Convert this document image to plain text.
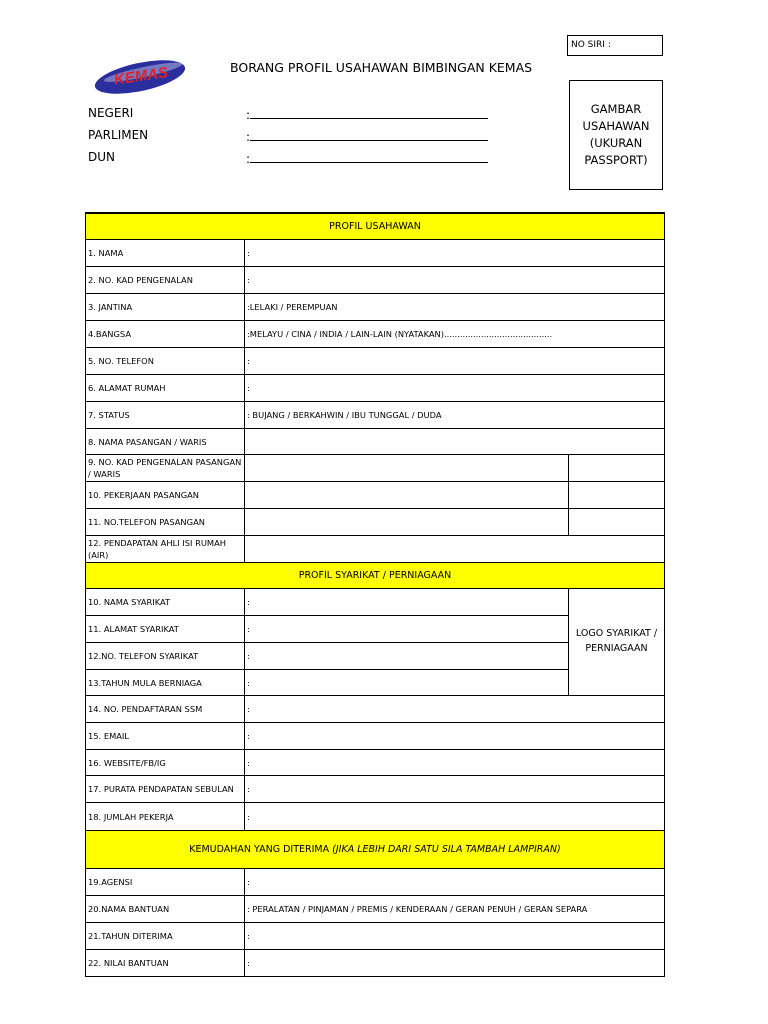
KEMAS	BORANG PROFIL USAHAWAN BIMBINGAN KEMAS
NO SIRI :
GAMBAR
USAHAWAN
(UKURAN
PASSPORT)
NEGERI	:
PARLIMEN	:
DUN	:
PROFIL USAHAWAN
1. NAMA	:
2. NO. KAD PENGENALAN	:
3. JANTINA	:LELAKI / PEREMPUAN
4.BANGSA	:MELAYU / CINA / INDIA / LAIN-LAIN (NYATAKAN).........................................
5. NO. TELEFON	:
6. ALAMAT RUMAH	:
7. STATUS	: BUJANG / BERKAHWIN / IBU TUNGGAL / DUDA
8. NAMA PASANGAN / WARIS
9. NO. KAD PENGENALAN PASANGAN / WARIS
10. PEKERJAAN PASANGAN
11. NO.TELEFON PASANGAN
12. PENDAPATAN AHLI ISI RUMAH (AIR)
PROFIL SYARIKAT / PERNIAGAAN
10. NAMA SYARIKAT	:
11. ALAMAT SYARIKAT	:
12.NO. TELEFON SYARIKAT	:
13.TAHUN MULA BERNIAGA	:
LOGO SYARIKAT /
PERNIAGAAN
14. NO. PENDAFTARAN SSM	:
15. EMAIL	:
16. WEBSITE/FB/IG	:
17. PURATA PENDAPATAN SEBULAN	:
18. JUMLAH PEKERJA	:
KEMUDAHAN YANG DITERIMA
(JIKA LEBIH DARI SATU SILA TAMBAH LAMPIRAN)
19.AGENSI	:
20.NAMA BANTUAN	: PERALATAN / PINJAMAN / PREMIS / KENDERAAN / GERAN PENUH / GERAN SEPARA
21.TAHUN DITERIMA	:
22. NILAI BANTUAN	:
